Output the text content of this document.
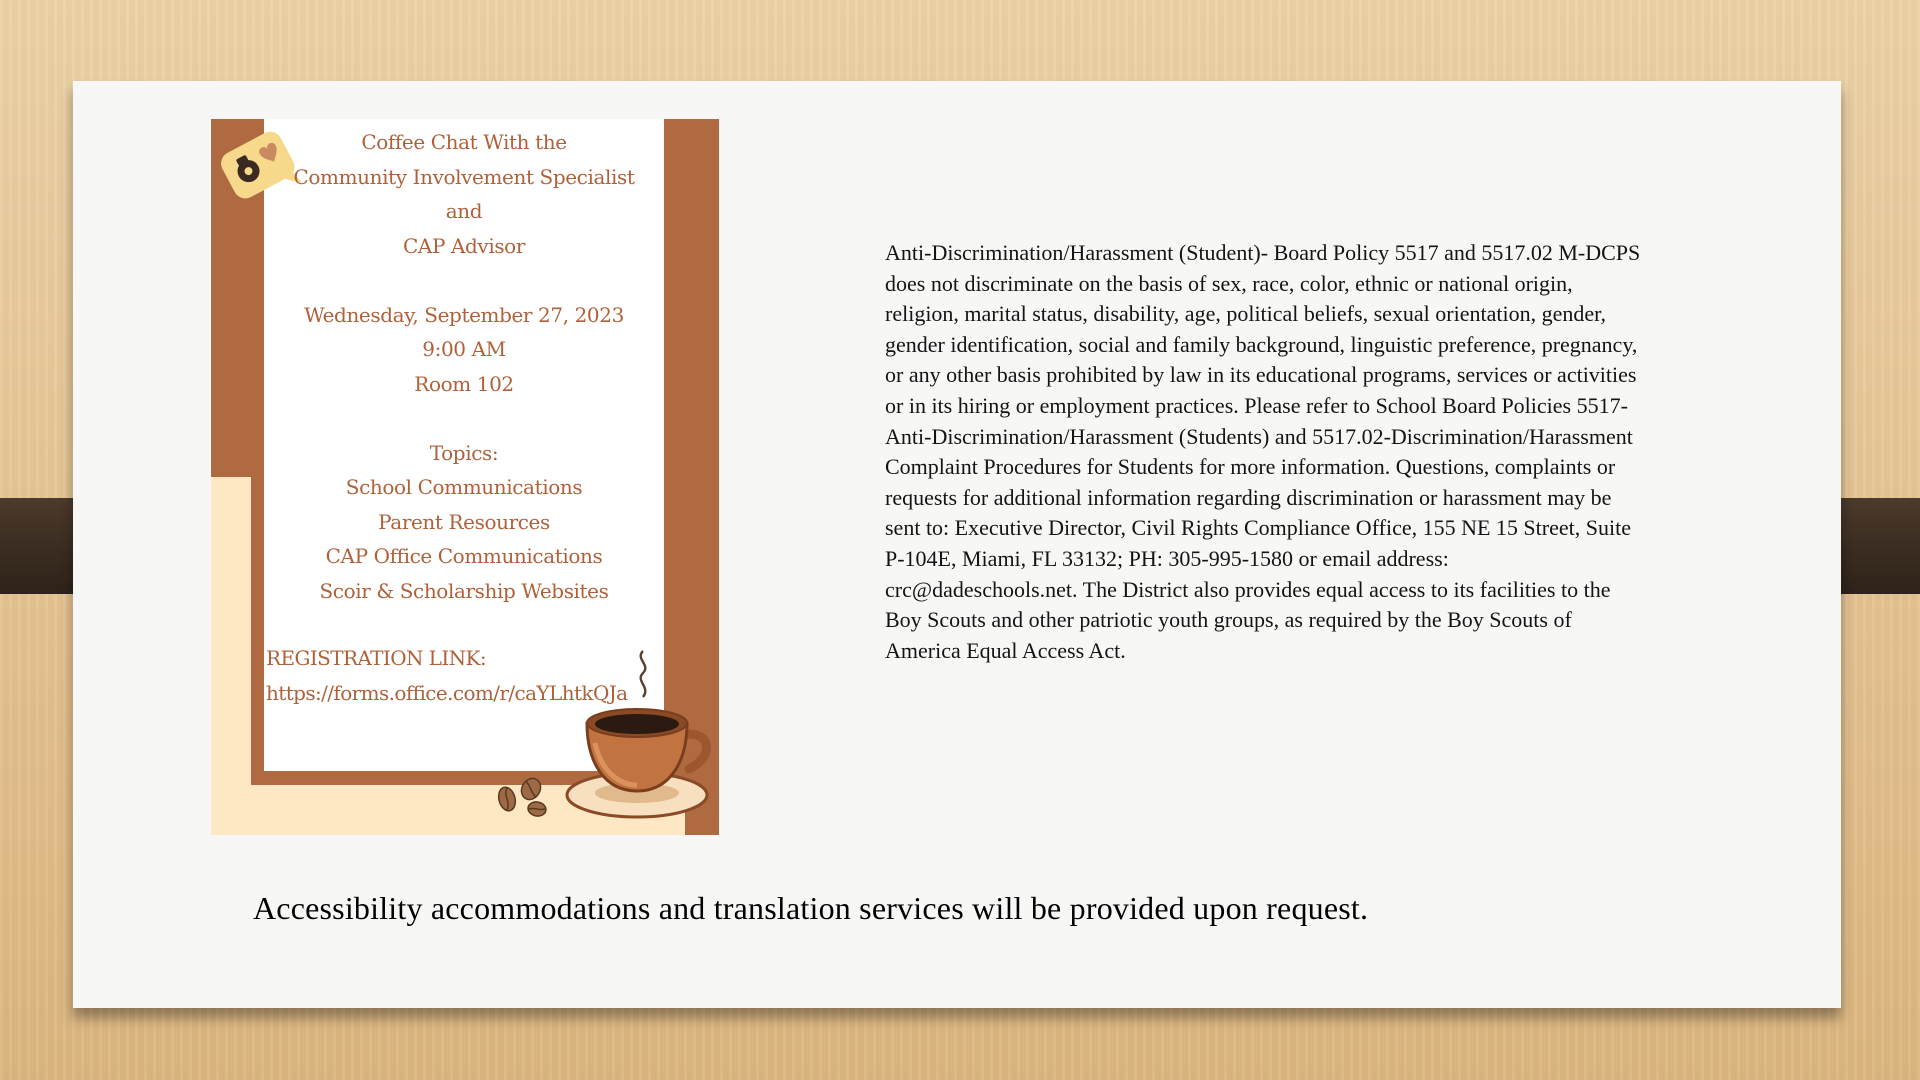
Coffee Chat With the
Community Involvement Specialist
and
CAP Advisor
Wednesday, September 27, 2023
9:00 AM
Room 102
Topics:
School Communications
Parent Resources
CAP Office Communications
Scoir & Scholarship Websites
REGISTRATION LINK:
https://forms.office.com/r/caYLhtkQJa
Anti-Discrimination/Harassment (Student)- Board Policy 5517 and 5517.02 M-DCPS does not discriminate on the basis of sex, race, color, ethnic or national origin, religion, marital status, disability, age, political beliefs, sexual orientation, gender, gender identification, social and family background, linguistic preference, pregnancy, or any other basis prohibited by law in its educational programs, services or activities or in its hiring or employment practices. Please refer to School Board Policies 5517-Anti-Discrimination/Harassment (Students) and 5517.02-Discrimination/Harassment Complaint Procedures for Students for more information. Questions, complaints or requests for additional information regarding discrimination or harassment may be sent to: Executive Director, Civil Rights Compliance Office, 155 NE 15 Street, Suite P-104E, Miami, FL 33132; PH: 305-995-1580 or email address: crc@dadeschools.net. The District also provides equal access to its facilities to the Boy Scouts and other patriotic youth groups, as required by the Boy Scouts of America Equal Access Act.
Accessibility accommodations and translation services will be provided upon request.
